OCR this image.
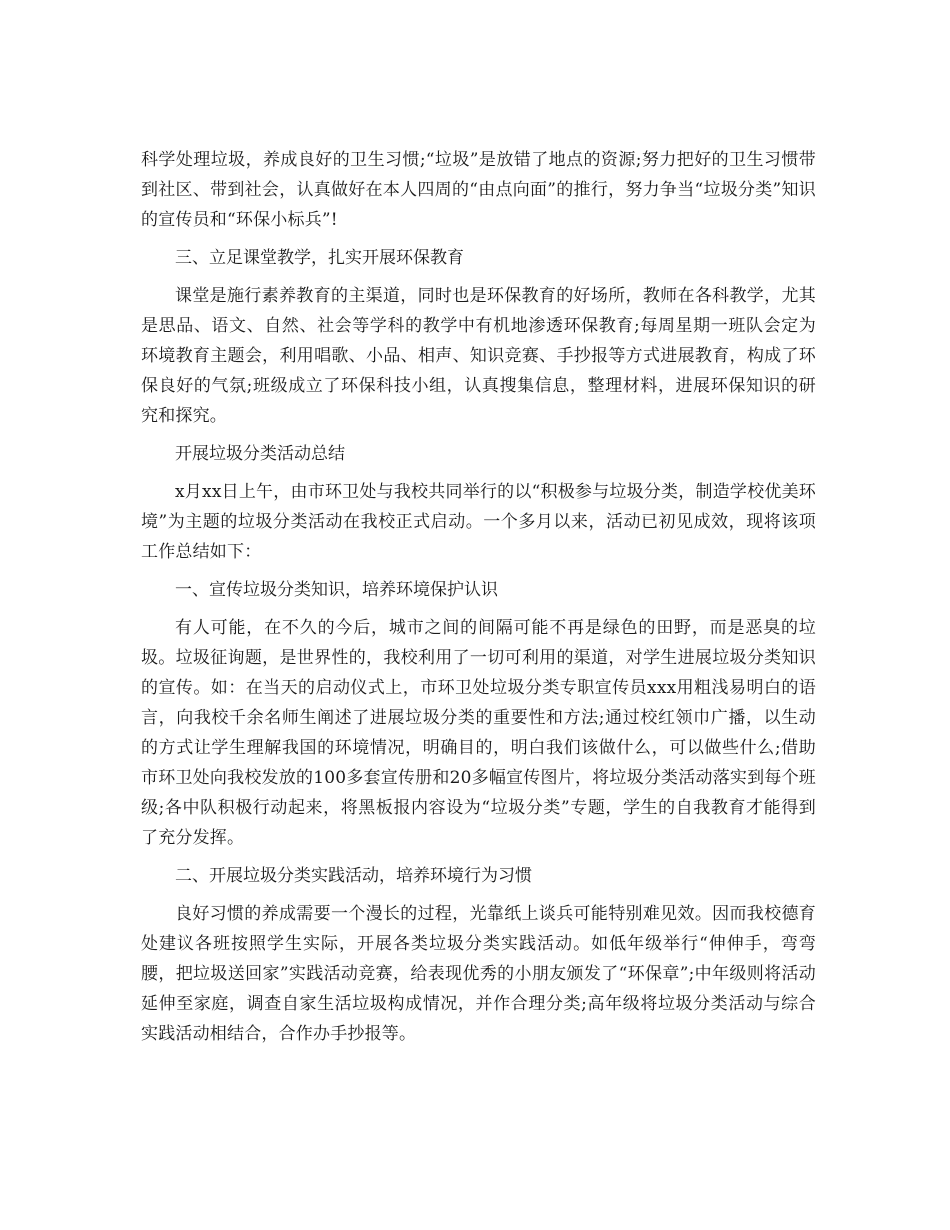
科学处理垃圾，养成良好的卫生习惯;“垃圾”是放错了地点的资源;努力把好的卫生习惯带到社区、带到社会，认真做好在本人四周的“由点向面”的推行，努力争当“垃圾分类”知识的宣传员和“环保小标兵”!

三、立足课堂教学，扎实开展环保教育

课堂是施行素养教育的主渠道，同时也是环保教育的好场所，教师在各科教学，尤其是思品、语文、自然、社会等学科的教学中有机地渗透环保教育;每周星期一班队会定为环境教育主题会，利用唱歌、小品、相声、知识竞赛、手抄报等方式进展教育，构成了环保良好的气氛;班级成立了环保科技小组，认真搜集信息，整理材料，进展环保知识的研究和探究。

开展垃圾分类活动总结

x月xx日上午，由市环卫处与我校共同举行的以“积极参与垃圾分类，制造学校优美环境”为主题的垃圾分类活动在我校正式启动。一个多月以来，活动已初见成效，现将该项工作总结如下：

一、宣传垃圾分类知识，培养环境保护认识

有人可能，在不久的今后，城市之间的间隔可能不再是绿色的田野，而是恶臭的垃圾。垃圾征询题，是世界性的，我校利用了一切可利用的渠道，对学生进展垃圾分类知识的宣传。如：在当天的启动仪式上，市环卫处垃圾分类专职宣传员xxx用粗浅易明白的语言，向我校千余名师生阐述了进展垃圾分类的重要性和方法;通过校红领巾广播，以生动的方式让学生理解我国的环境情况，明确目的，明白我们该做什么，可以做些什么;借助市环卫处向我校发放的100多套宣传册和20多幅宣传图片，将垃圾分类活动落实到每个班级;各中队积极行动起来，将黑板报内容设为“垃圾分类”专题，学生的自我教育才能得到了充分发挥。

二、开展垃圾分类实践活动，培养环境行为习惯

良好习惯的养成需要一个漫长的过程，光靠纸上谈兵可能特别难见效。因而我校德育处建议各班按照学生实际，开展各类垃圾分类实践活动。如低年级举行“伸伸手，弯弯腰，把垃圾送回家”实践活动竞赛，给表现优秀的小朋友颁发了“环保章”;中年级则将活动延伸至家庭，调查自家生活垃圾构成情况，并作合理分类;高年级将垃圾分类活动与综合实践活动相结合，合作办手抄报等。
